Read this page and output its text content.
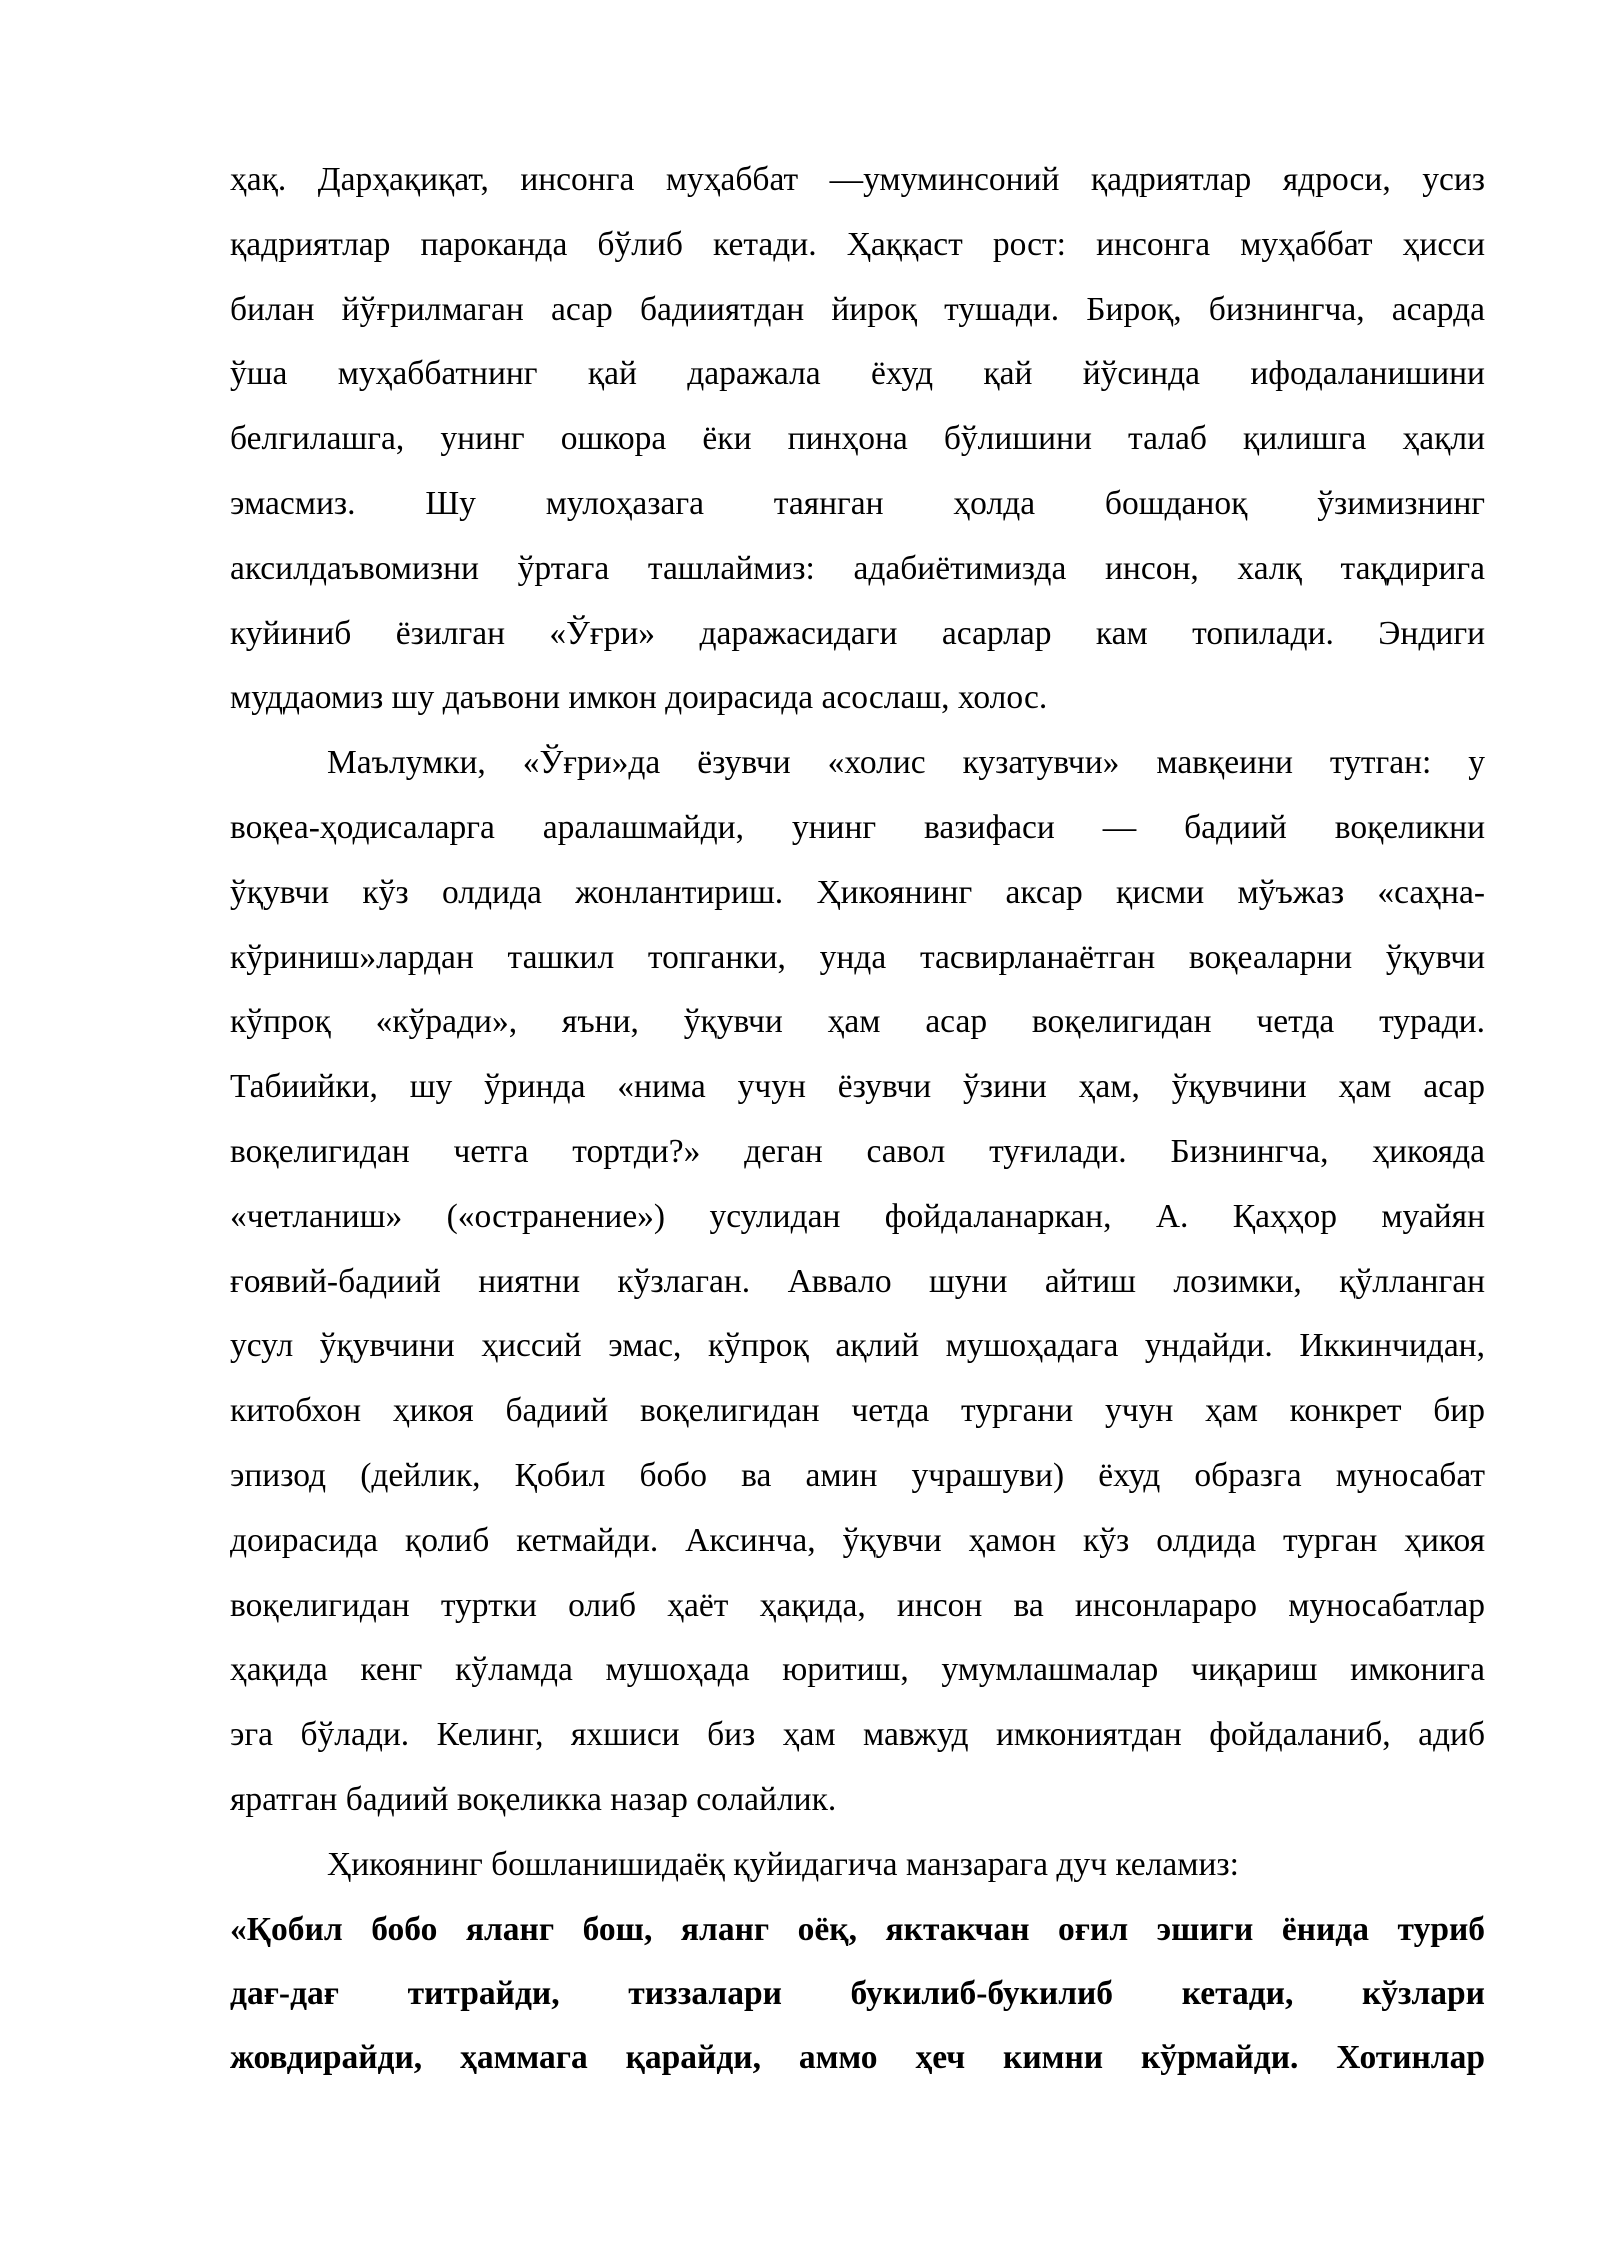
ҳақ. Дарҳақиқат, инсонга муҳаббат —умуминсоний қадриятлар ядроси, усиз
қадриятлар пароканда бўлиб кетади. Ҳаққаст рост: инсонга муҳаббат ҳисси
билан йўғрилмаган асар бадииятдан йироқ тушади. Бироқ, бизнингча, асарда
ўша муҳаббатнинг қай даражала ёхуд қай йўсинда ифодаланишини
белгилашга, унинг ошкора ёки пинҳона бўлишини талаб қилишга ҳақли
эмасмиз. Шу мулоҳазага таянган ҳолда бошданоқ ўзимизнинг
аксилдаъвомизни ўртага ташлаймиз: адабиётимизда инсон, халқ тақдирига
куйиниб ёзилган «Ўғри» даражасидаги асарлар кам топилади. Эндиги
муддаомиз шу даъвони имкон доирасида асослаш, холос.
Маълумки, «Ўғри»да ёзувчи «холис кузатувчи» мавқеини тутган: у
воқеа-ҳодисаларга аралашмайди, унинг вазифаси — бадиий воқеликни
ўқувчи кўз олдида жонлантириш. Ҳикоянинг аксар қисми мўъжаз «саҳна-
кўриниш»лардан ташкил топганки, унда тасвирланаётган воқеаларни ўқувчи
кўпроқ «кўради», яъни, ўқувчи ҳам асар воқелигидан четда туради.
Табиийки, шу ўринда «нима учун ёзувчи ўзини ҳам, ўқувчини ҳам асар
воқелигидан четга тортди?» деган савол туғилади. Бизнингча, ҳикояда
«четланиш» («остранение») усулидан фойдаланаркан, А. Қаҳҳор муайян
ғоявий-бадиий ниятни кўзлаган. Аввало шуни айтиш лозимки, қўлланган
усул ўқувчини ҳиссий эмас, кўпроқ ақлий мушоҳадага ундайди. Иккинчидан,
китобхон ҳикоя бадиий воқелигидан четда тургани учун ҳам конкрет бир
эпизод (дейлик, Қобил бобо ва амин учрашуви) ёхуд образга муносабат
доирасида қолиб кетмайди. Аксинча, ўқувчи ҳамон кўз олдида турган ҳикоя
воқелигидан туртки олиб ҳаёт ҳақида, инсон ва инсонлараро муносабатлар
ҳақида кенг кўламда мушоҳада юритиш, умумлашмалар чиқариш имконига
эга бўлади. Келинг, яхшиси биз ҳам мавжуд имкониятдан фойдаланиб, адиб
яратган бадиий воқеликка назар солайлик.
Ҳикоянинг бошланишидаёқ қуйидагича манзарага дуч келамиз:
«Қобил бобо яланг бош, яланг оёқ, яктакчан оғил эшиги ёнида туриб
дағ-дағ титрайди, тиззалари букилиб-букилиб кетади, кўзлари
жовдирайди, ҳаммага қарайди, аммо ҳеч кимни кўрмайди. Хотинлар
